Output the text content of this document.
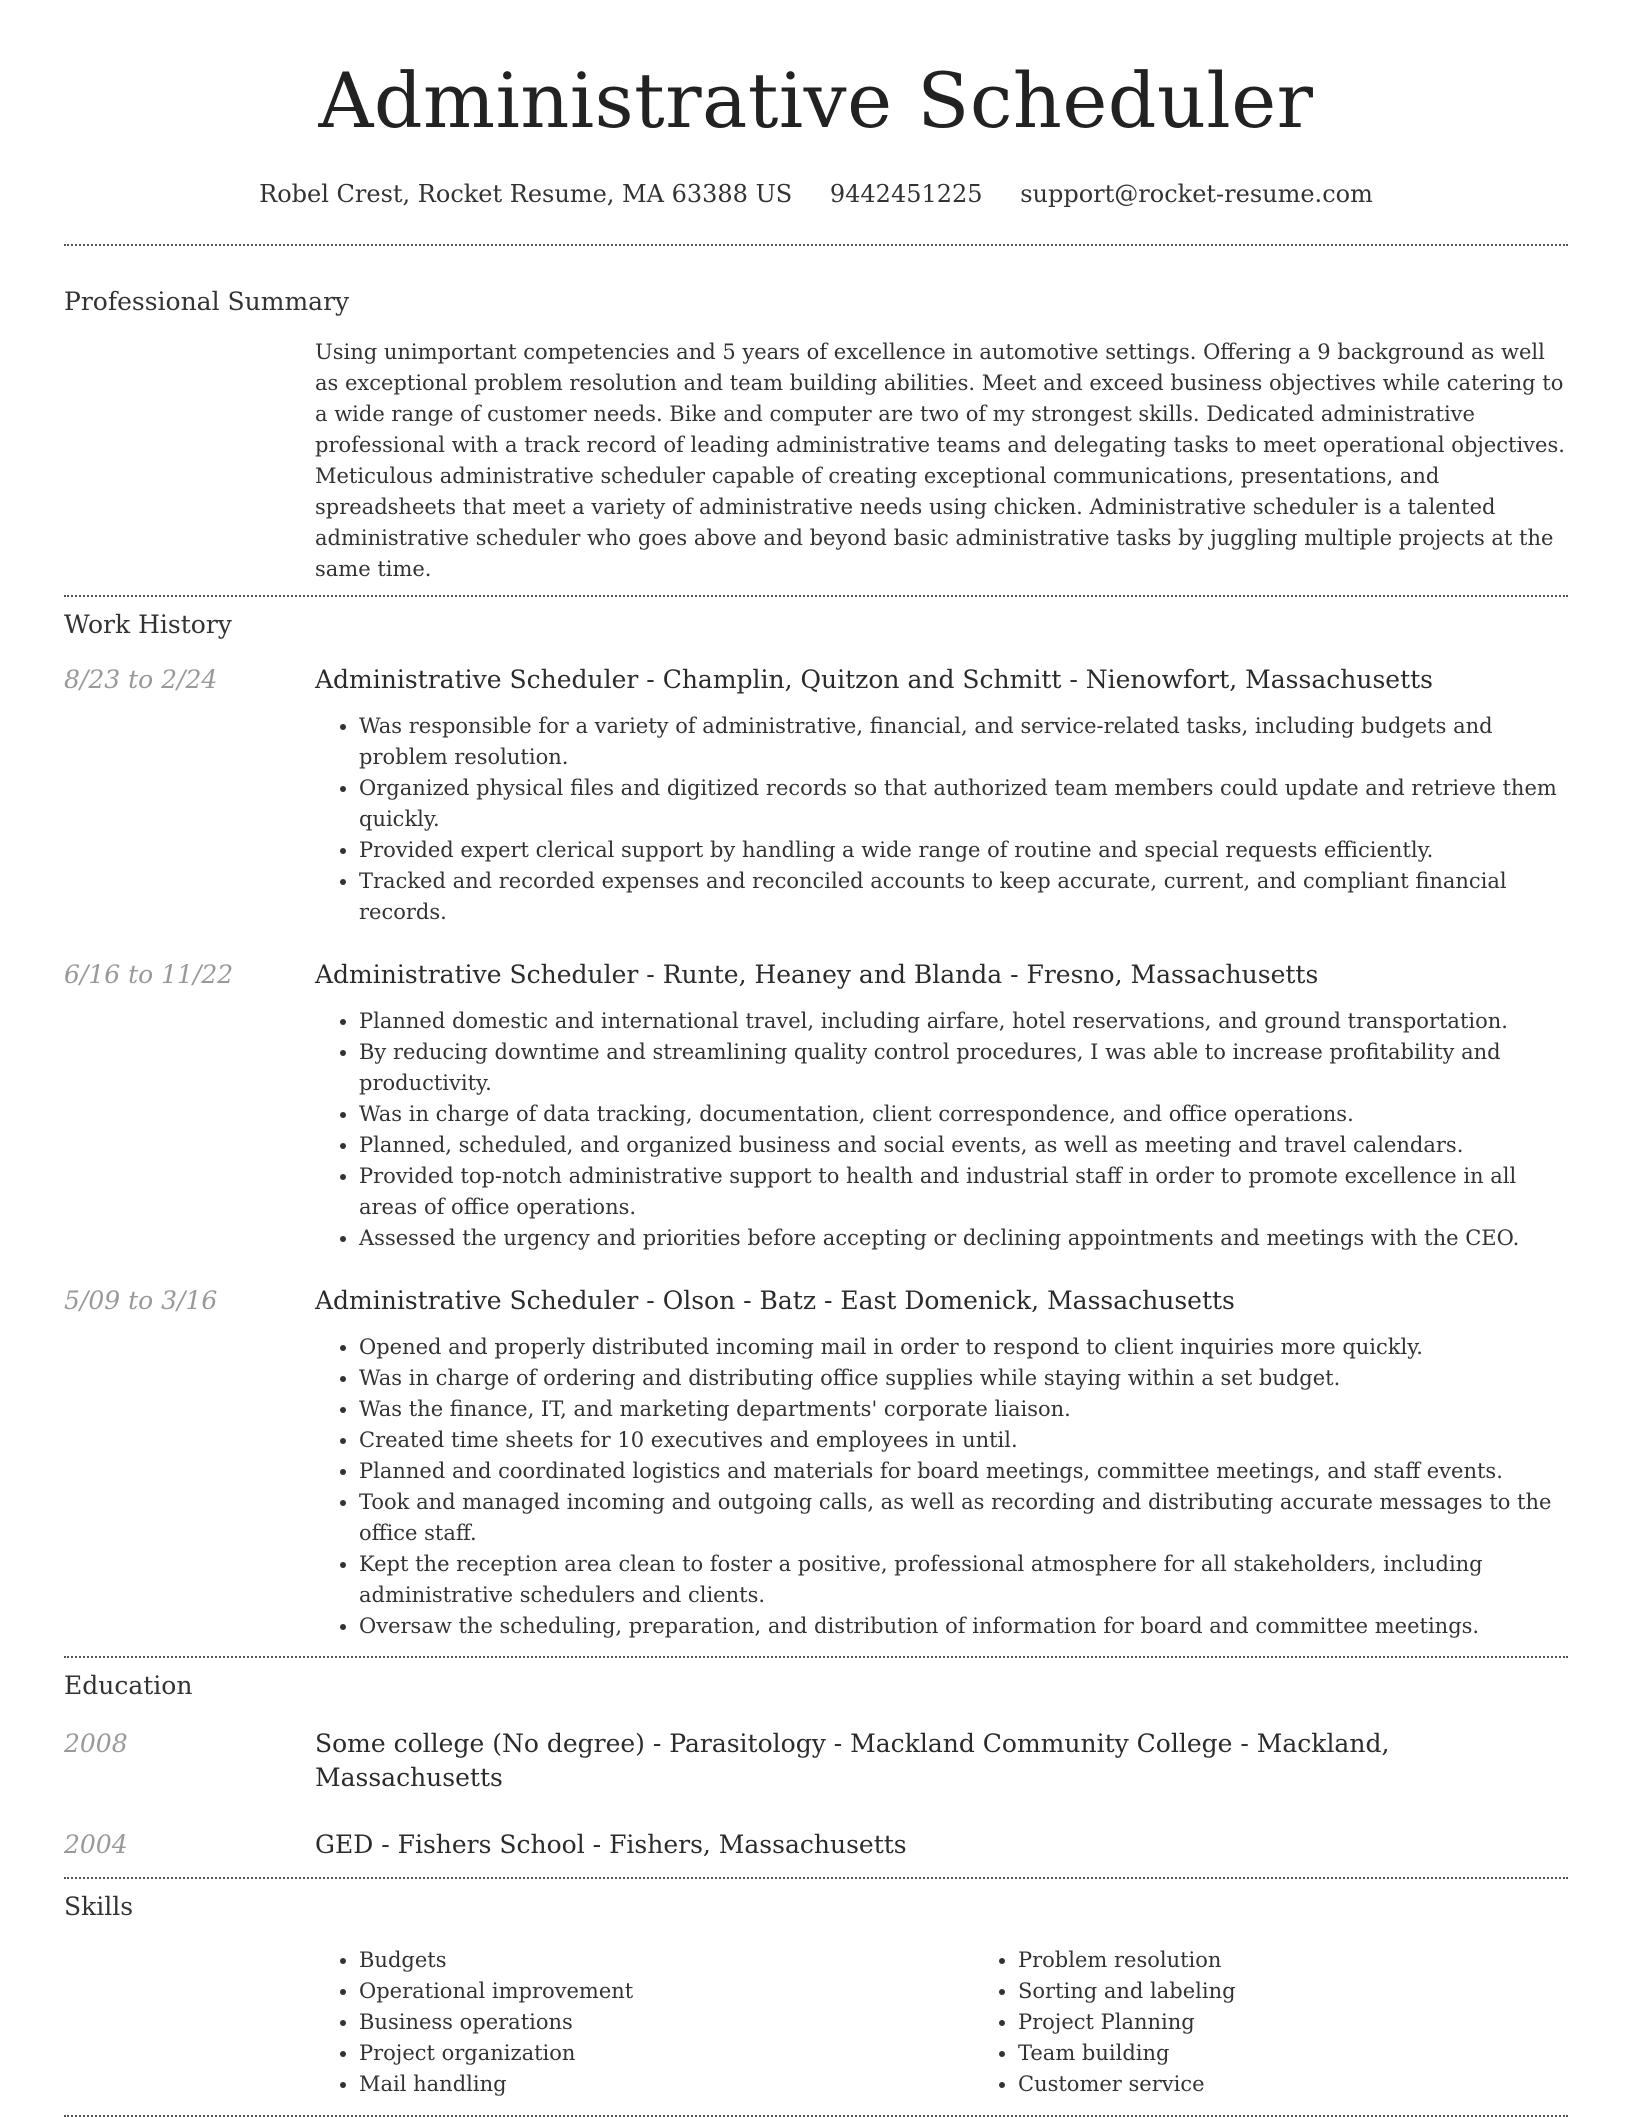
Administrative Scheduler
Robel Crest, Rocket Resume, MA 63388 US 9442451225 support@rocket-resume.com
Professional Summary

Using unimportant competencies and 5 years of excellence in automotive settings. Offering a 9 background as well as exceptional problem resolution and team building abilities. Meet and exceed business objectives while catering to a wide range of customer needs. Bike and computer are two of my strongest skills. Dedicated administrative professional with a track record of leading administrative teams and delegating tasks to meet operational objectives. Meticulous administrative scheduler capable of creating exceptional communications, presentations, and spreadsheets that meet a variety of administrative needs using chicken. Administrative scheduler is a talented administrative scheduler who goes above and beyond basic administrative tasks by juggling multiple projects at the same time.

Work History
8/23 to 2/24	Administrative Scheduler - Champlin, Quitzon and Schmitt - Nienowfort, Massachusetts
• Was responsible for a variety of administrative, financial, and service-related tasks, including budgets and problem resolution.
• Organized physical files and digitized records so that authorized team members could update and retrieve them quickly.
• Provided expert clerical support by handling a wide range of routine and special requests efficiently.
• Tracked and recorded expenses and reconciled accounts to keep accurate, current, and compliant financial records.
6/16 to 11/22	Administrative Scheduler - Runte, Heaney and Blanda - Fresno, Massachusetts
• Planned domestic and international travel, including airfare, hotel reservations, and ground transportation.
• By reducing downtime and streamlining quality control procedures, I was able to increase profitability and productivity.
• Was in charge of data tracking, documentation, client correspondence, and office operations.
• Planned, scheduled, and organized business and social events, as well as meeting and travel calendars.
• Provided top-notch administrative support to health and industrial staff in order to promote excellence in all areas of office operations.
• Assessed the urgency and priorities before accepting or declining appointments and meetings with the CEO.
5/09 to 3/16	Administrative Scheduler - Olson - Batz - East Domenick, Massachusetts
• Opened and properly distributed incoming mail in order to respond to client inquiries more quickly.
• Was in charge of ordering and distributing office supplies while staying within a set budget.
• Was the finance, IT, and marketing departments' corporate liaison.
• Created time sheets for 10 executives and employees in until.
• Planned and coordinated logistics and materials for board meetings, committee meetings, and staff events.
• Took and managed incoming and outgoing calls, as well as recording and distributing accurate messages to the office staff.
• Kept the reception area clean to foster a positive, professional atmosphere for all stakeholders, including administrative schedulers and clients.
• Oversaw the scheduling, preparation, and distribution of information for board and committee meetings.
Education
2008	Some college (No degree) - Parasitology - Mackland Community College - Mackland, Massachusetts
2004	GED - Fishers School - Fishers, Massachusetts
Skills
• Budgets
• Operational improvement
• Business operations
• Project organization
• Mail handling
• Problem resolution
• Sorting and labeling
• Project Planning
• Team building
• Customer service
